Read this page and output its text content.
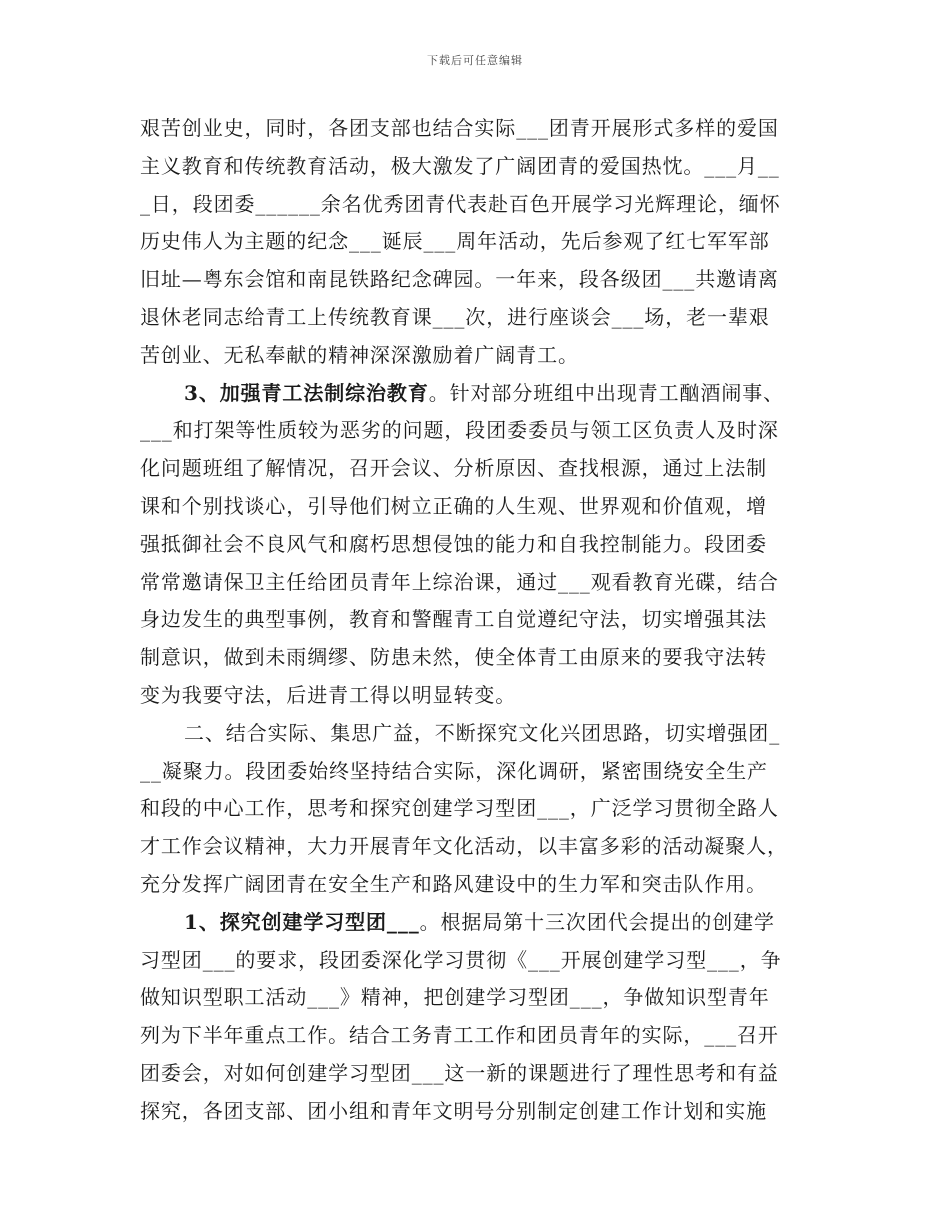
下载后可任意编辑
艰苦创业史，同时，各团支部也结合实际___团青开展形式多样的爱国
主义教育和传统教育活动，极大激发了广阔团青的爱国热忱。___月__
_日，段团委______余名优秀团青代表赴百色开展学习光辉理论，缅怀
历史伟人为主题的纪念___诞辰___周年活动，先后参观了红七军军部
旧址—粤东会馆和南昆铁路纪念碑园。一年来，段各级团___共邀请离
退休老同志给青工上传统教育课___次，进行座谈会___场，老一辈艰
苦创业、无私奉献的精神深深激励着广阔青工。
3、加强青工法制综治教育。针对部分班组中出现青工酗酒闹事、
___和打架等性质较为恶劣的问题，段团委委员与领工区负责人及时深
化问题班组了解情况，召开会议、分析原因、查找根源，通过上法制
课和个别找谈心，引导他们树立正确的人生观、世界观和价值观，增
强抵御社会不良风气和腐朽思想侵蚀的能力和自我控制能力。段团委
常常邀请保卫主任给团员青年上综治课，通过___观看教育光碟，结合
身边发生的典型事例，教育和警醒青工自觉遵纪守法，切实增强其法
制意识，做到未雨绸缪、防患未然，使全体青工由原来的要我守法转
变为我要守法，后进青工得以明显转变。
二、结合实际、集思广益，不断探究文化兴团思路，切实增强团_
__凝聚力。段团委始终坚持结合实际，深化调研，紧密围绕安全生产
和段的中心工作，思考和探究创建学习型团___，广泛学习贯彻全路人
才工作会议精神，大力开展青年文化活动，以丰富多彩的活动凝聚人，
充分发挥广阔团青在安全生产和路风建设中的生力军和突击队作用。
1、探究创建学习型团___。根据局第十三次团代会提出的创建学
习型团___的要求，段团委深化学习贯彻《___开展创建学习型___，争
做知识型职工活动___》精神，把创建学习型团___，争做知识型青年
列为下半年重点工作。结合工务青工工作和团员青年的实际，___召开
团委会，对如何创建学习型团___这一新的课题进行了理性思考和有益
探究，各团支部、团小组和青年文明号分别制定创建工作计划和实施
